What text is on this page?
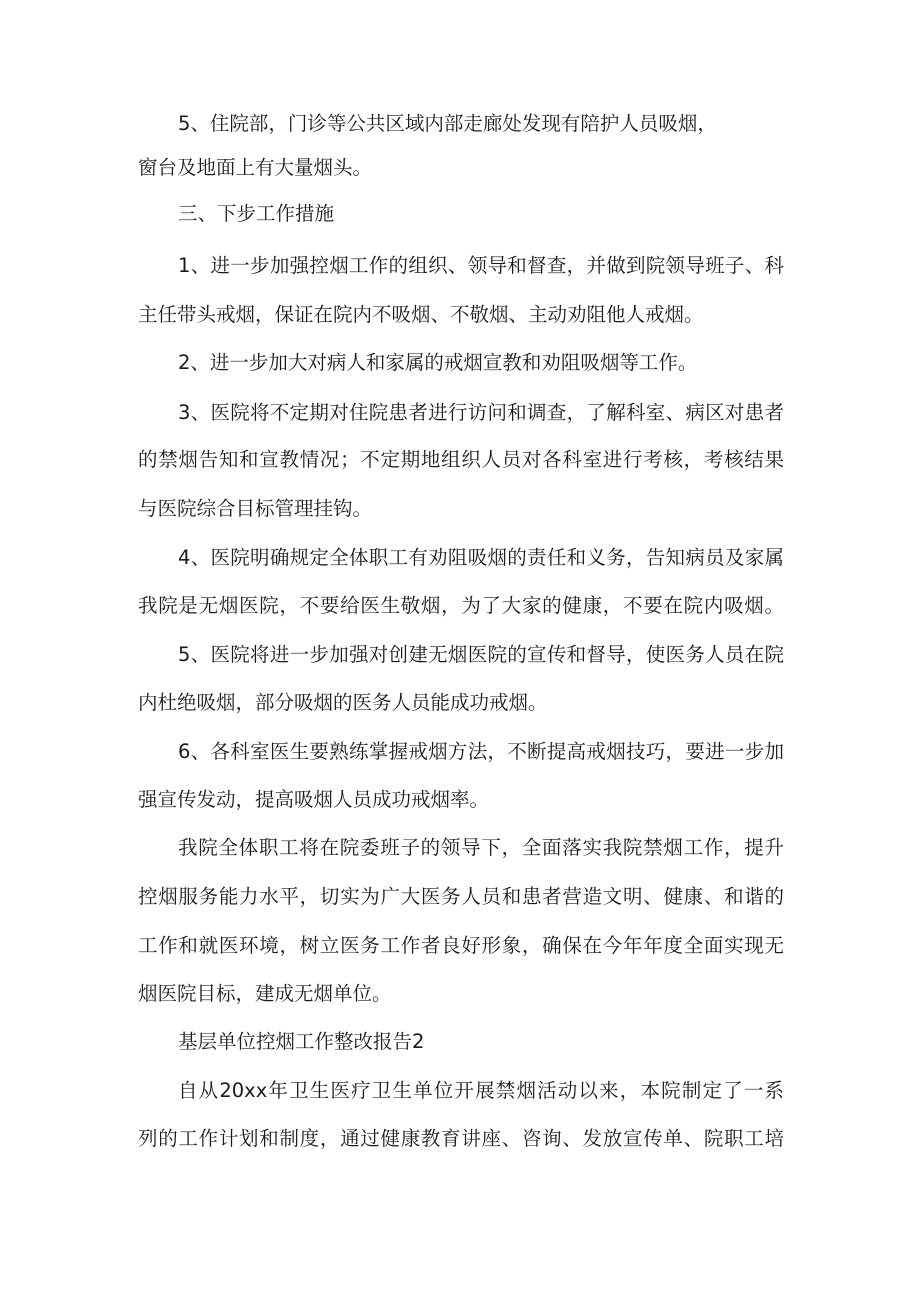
5、住院部，门诊等公共区域内部走廊处发现有陪护人员吸烟，
窗台及地面上有大量烟头。
三、下步工作措施
1、进一步加强控烟工作的组织、领导和督查，并做到院领导班子、科
主任带头戒烟，保证在院内不吸烟、不敬烟、主动劝阻他人戒烟。
2、进一步加大对病人和家属的戒烟宣教和劝阻吸烟等工作。
3、医院将不定期对住院患者进行访问和调查，了解科室、病区对患者
的禁烟告知和宣教情况；不定期地组织人员对各科室进行考核，考核结果
与医院综合目标管理挂钩。
4、医院明确规定全体职工有劝阻吸烟的责任和义务，告知病员及家属
我院是无烟医院，不要给医生敬烟，为了大家的健康，不要在院内吸烟。
5、医院将进一步加强对创建无烟医院的宣传和督导，使医务人员在院
内杜绝吸烟，部分吸烟的医务人员能成功戒烟。
6、各科室医生要熟练掌握戒烟方法，不断提高戒烟技巧，要进一步加
强宣传发动，提高吸烟人员成功戒烟率。
我院全体职工将在院委班子的领导下，全面落实我院禁烟工作，提升
控烟服务能力水平，切实为广大医务人员和患者营造文明、健康、和谐的
工作和就医环境，树立医务工作者良好形象，确保在今年年度全面实现无
烟医院目标，建成无烟单位。
基层单位控烟工作整改报告2
自从20xx年卫生医疗卫生单位开展禁烟活动以来，本院制定了一系
列的工作计划和制度，通过健康教育讲座、咨询、发放宣传单、院职工培
